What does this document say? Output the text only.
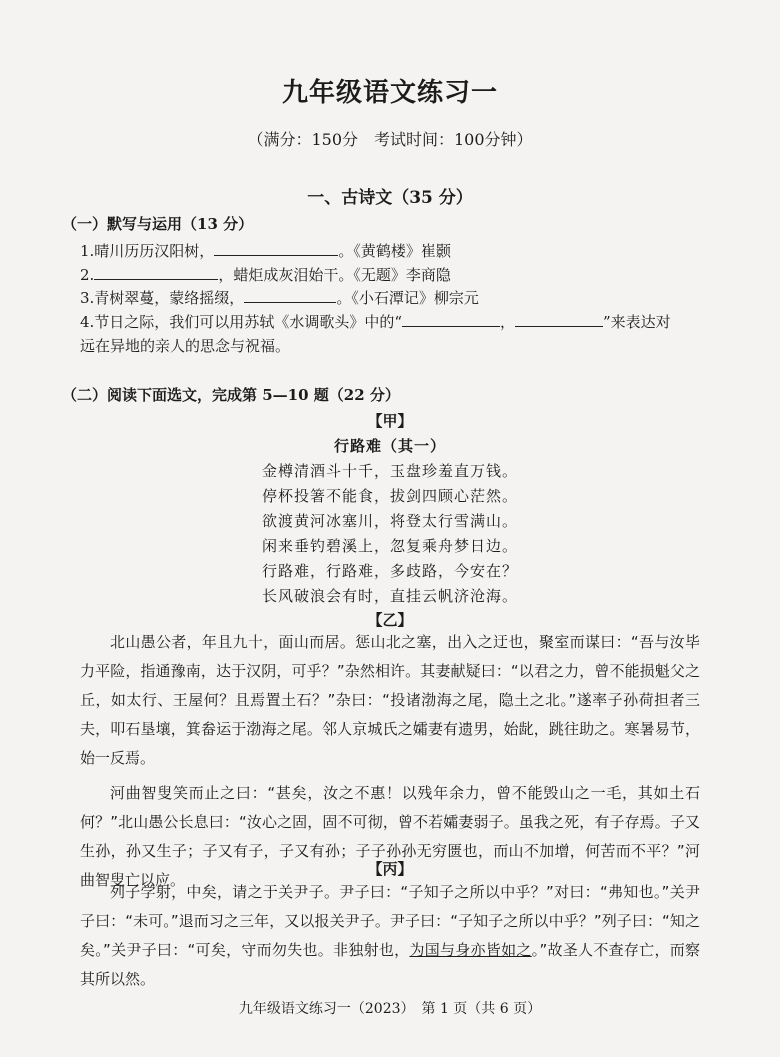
九年级语文练习一
（满分：150分　考试时间：100分钟）
一、古诗文（35 分）
（一）默写与运用（13 分）
1.晴川历历汉阳树，	。《黄鹤楼》崔颢
2.	，蜡炬成灰泪始干。《无题》李商隐
3.青树翠蔓，蒙络摇缀，	。《小石潭记》柳宗元
4.节日之际，我们可以用苏轼《水调歌头》中的“	，	”来表达对
远在异地的亲人的思念与祝福。
（二）阅读下面选文，完成第 5—10 题（22 分）
【甲】
行路难（其一）
金樽清酒斗十千，玉盘珍羞直万钱。
停杯投箸不能食，拔剑四顾心茫然。
欲渡黄河冰塞川，将登太行雪满山。
闲来垂钓碧溪上，忽复乘舟梦日边。
行路难，行路难，多歧路，今安在？
长风破浪会有时，直挂云帆济沧海。
【乙】

北山愚公者，年且九十，面山而居。惩山北之塞，出入之迂也，聚室而谋曰：“吾与汝毕力平险，指通豫南，达于汉阴，可乎？”杂然相许。其妻献疑曰：“以君之力，曾不能损魁父之丘，如太行、王屋何？且焉置土石？”杂曰：“投诸渤海之尾，隐土之北。”遂率子孙荷担者三夫，叩石垦壤，箕畚运于渤海之尾。邻人京城氏之孀妻有遗男，始龀，跳往助之。寒暑易节，始一反焉。

河曲智叟笑而止之曰：“甚矣，汝之不惠！以残年余力，曾不能毁山之一毛，其如土石何？”北山愚公长息曰：“汝心之固，固不可彻，曾不若孀妻弱子。虽我之死，有子存焉。子又生孙，孙又生子；子又有子，子又有孙；子子孙孙无穷匮也，而山不加增，何苦而不平？”河曲智叟亡以应。

【丙】

列子学射，中矣，请之于关尹子。尹子曰：“子知子之所以中乎？”对曰：“弗知也。”关尹子曰：“未可。”退而习之三年，又以报关尹子。尹子曰：“子知子之所以中乎？”列子曰：“知之矣。”关尹子曰：“可矣，守而勿失也。非独射也，为国与身亦皆如之。”故圣人不查存亡，而察其所以然。

九年级语文练习一（2023）　第 1 页（共 6 页）
